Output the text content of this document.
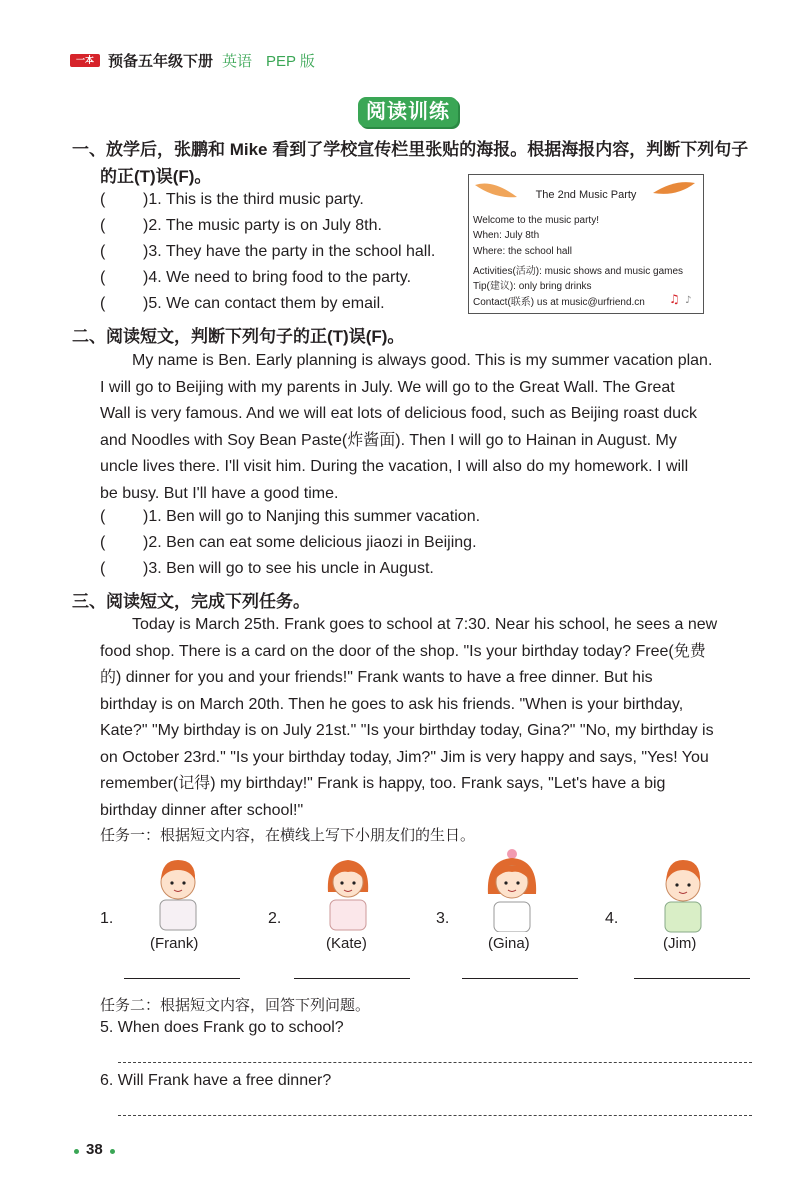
一本 预备五年级下册 英语 PEP 版
阅读训练
一、放学后，张鹏和 Mike 看到了学校宣传栏里张贴的海报。根据海报内容，判断下列句子
的正(T)误(F)。
( )1. This is the third music party.
( )2. The music party is on July 8th.
( )3. They have the party in the school hall.
( )4. We need to bring food to the party.
( )5. We can contact them by email.
The 2nd Music Party
Welcome to the music party!
When: July 8th
Where: the school hall
Activities(活动): music shows and music games
Tip(建议): only bring drinks
Contact(联系) us at music@urfriend.cn ♫ ♪
二、阅读短文，判断下列句子的正(T)误(F)。
My name is Ben. Early planning is always good. This is my summer vacation plan.
I will go to Beijing with my parents in July. We will go to the Great Wall. The Great
Wall is very famous. And we will eat lots of delicious food, such as Beijing roast duck
and Noodles with Soy Bean Paste(炸酱面). Then I will go to Hainan in August. My
uncle lives there. I'll visit him. During the vacation, I will also do my homework. I will
be busy. But I'll have a good time.
( )1. Ben will go to Nanjing this summer vacation.
( )2. Ben can eat some delicious jiaozi in Beijing.
( )3. Ben will go to see his uncle in August.
三、阅读短文，完成下列任务。
Today is March 25th. Frank goes to school at 7:30. Near his school, he sees a new
food shop. There is a card on the door of the shop. "Is your birthday today? Free(免费
的) dinner for you and your friends!" Frank wants to have a free dinner. But his
birthday is on March 20th. Then he goes to ask his friends. "When is your birthday,
Kate?" "My birthday is on July 21st." "Is your birthday today, Gina?" "No, my birthday is
on October 23rd." "Is your birthday today, Jim?" Jim is very happy and says, "Yes! You
remember(记得) my birthday!" Frank is happy, too. Frank says, "Let's have a big
birthday dinner after school!"
任务一：根据短文内容，在横线上写下小朋友们的生日。
1.
(Frank)
2.
(Kate)
3.
(Gina)
4.
(Jim)
任务二：根据短文内容，回答下列问题。
5. When does Frank go to school?
6. Will Frank have a free dinner?
38
